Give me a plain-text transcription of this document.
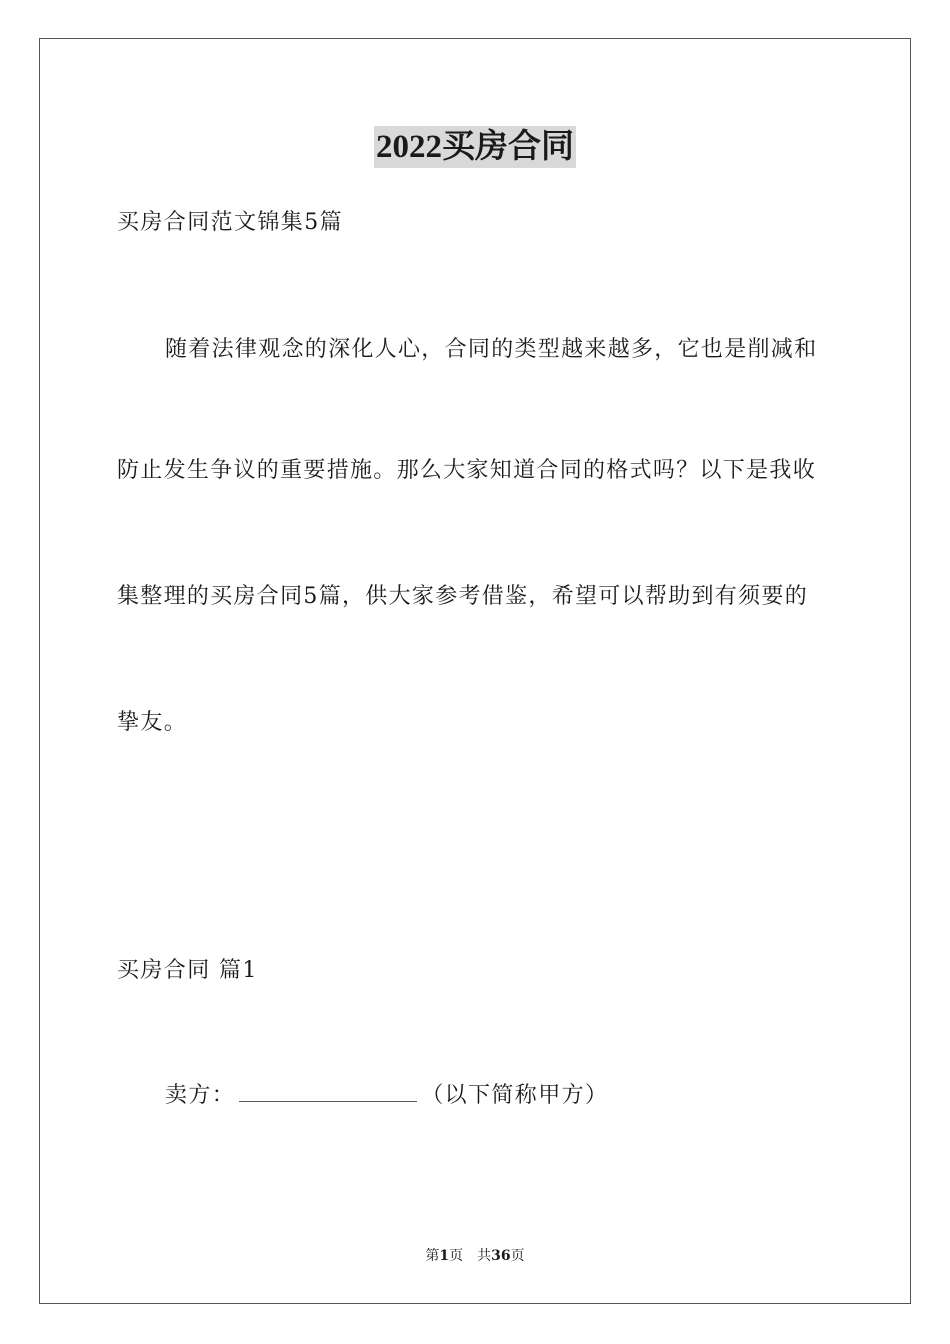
2022买房合同
买房合同范文锦集5篇
随着法律观念的深化人心，合同的类型越来越多，它也是削减和
防止发生争议的重要措施。那么大家知道合同的格式吗？以下是我收
集整理的买房合同5篇，供大家参考借鉴，希望可以帮助到有须要的
挚友。
买房合同 篇1
卖方：	（以下简称甲方）
第1页 共36页
